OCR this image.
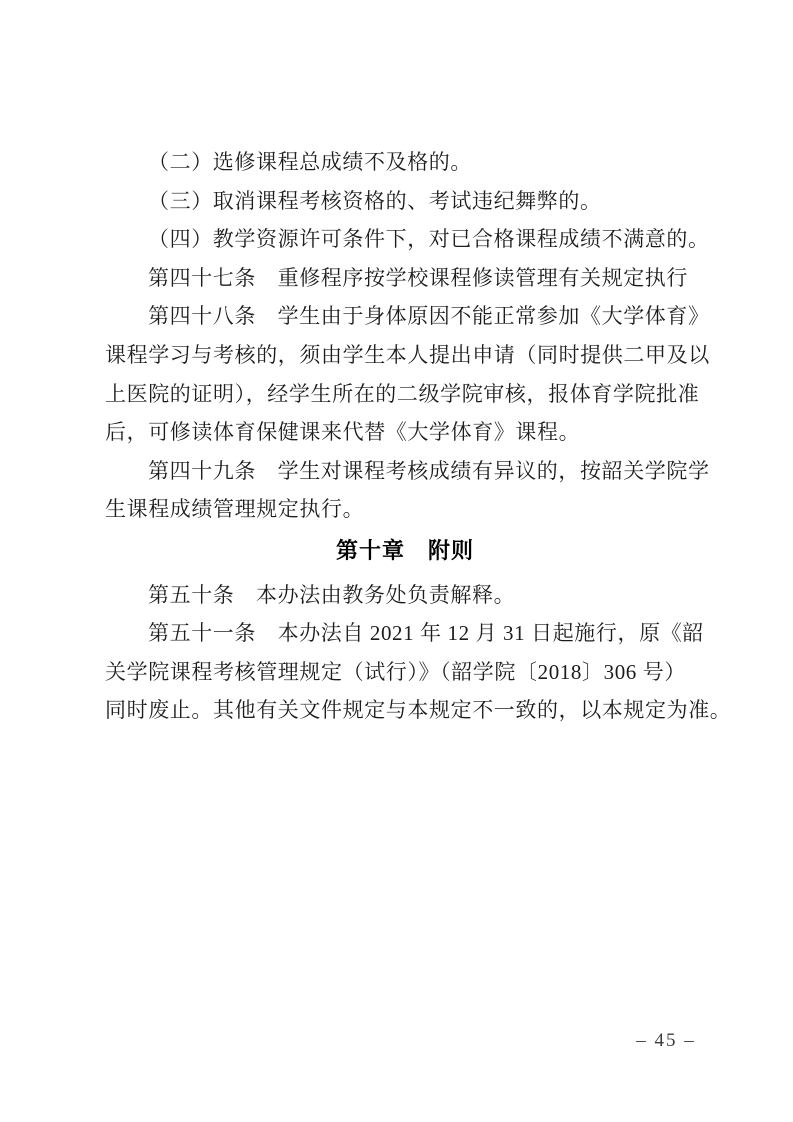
（二）选修课程总成绩不及格的。
（三）取消课程考核资格的、考试违纪舞弊的。
（四）教学资源许可条件下，对已合格课程成绩不满意的。
第四十七条　重修程序按学校课程修读管理有关规定执行
第四十八条　学生由于身体原因不能正常参加《大学体育》
课程学习与考核的，须由学生本人提出申请（同时提供二甲及以
上医院的证明），经学生所在的二级学院审核，报体育学院批准
后，可修读体育保健课来代替《大学体育》课程。
第四十九条　学生对课程考核成绩有异议的，按韶关学院学
生课程成绩管理规定执行。
第十章　附则
第五十条　本办法由教务处负责解释。
第五十一条　本办法自 2021 年 12 月 31 日起施行，原《韶
关学院课程考核管理规定（试行）》（韶学院〔2018〕306 号）
同时废止。其他有关文件规定与本规定不一致的，以本规定为准。
– 45 –
